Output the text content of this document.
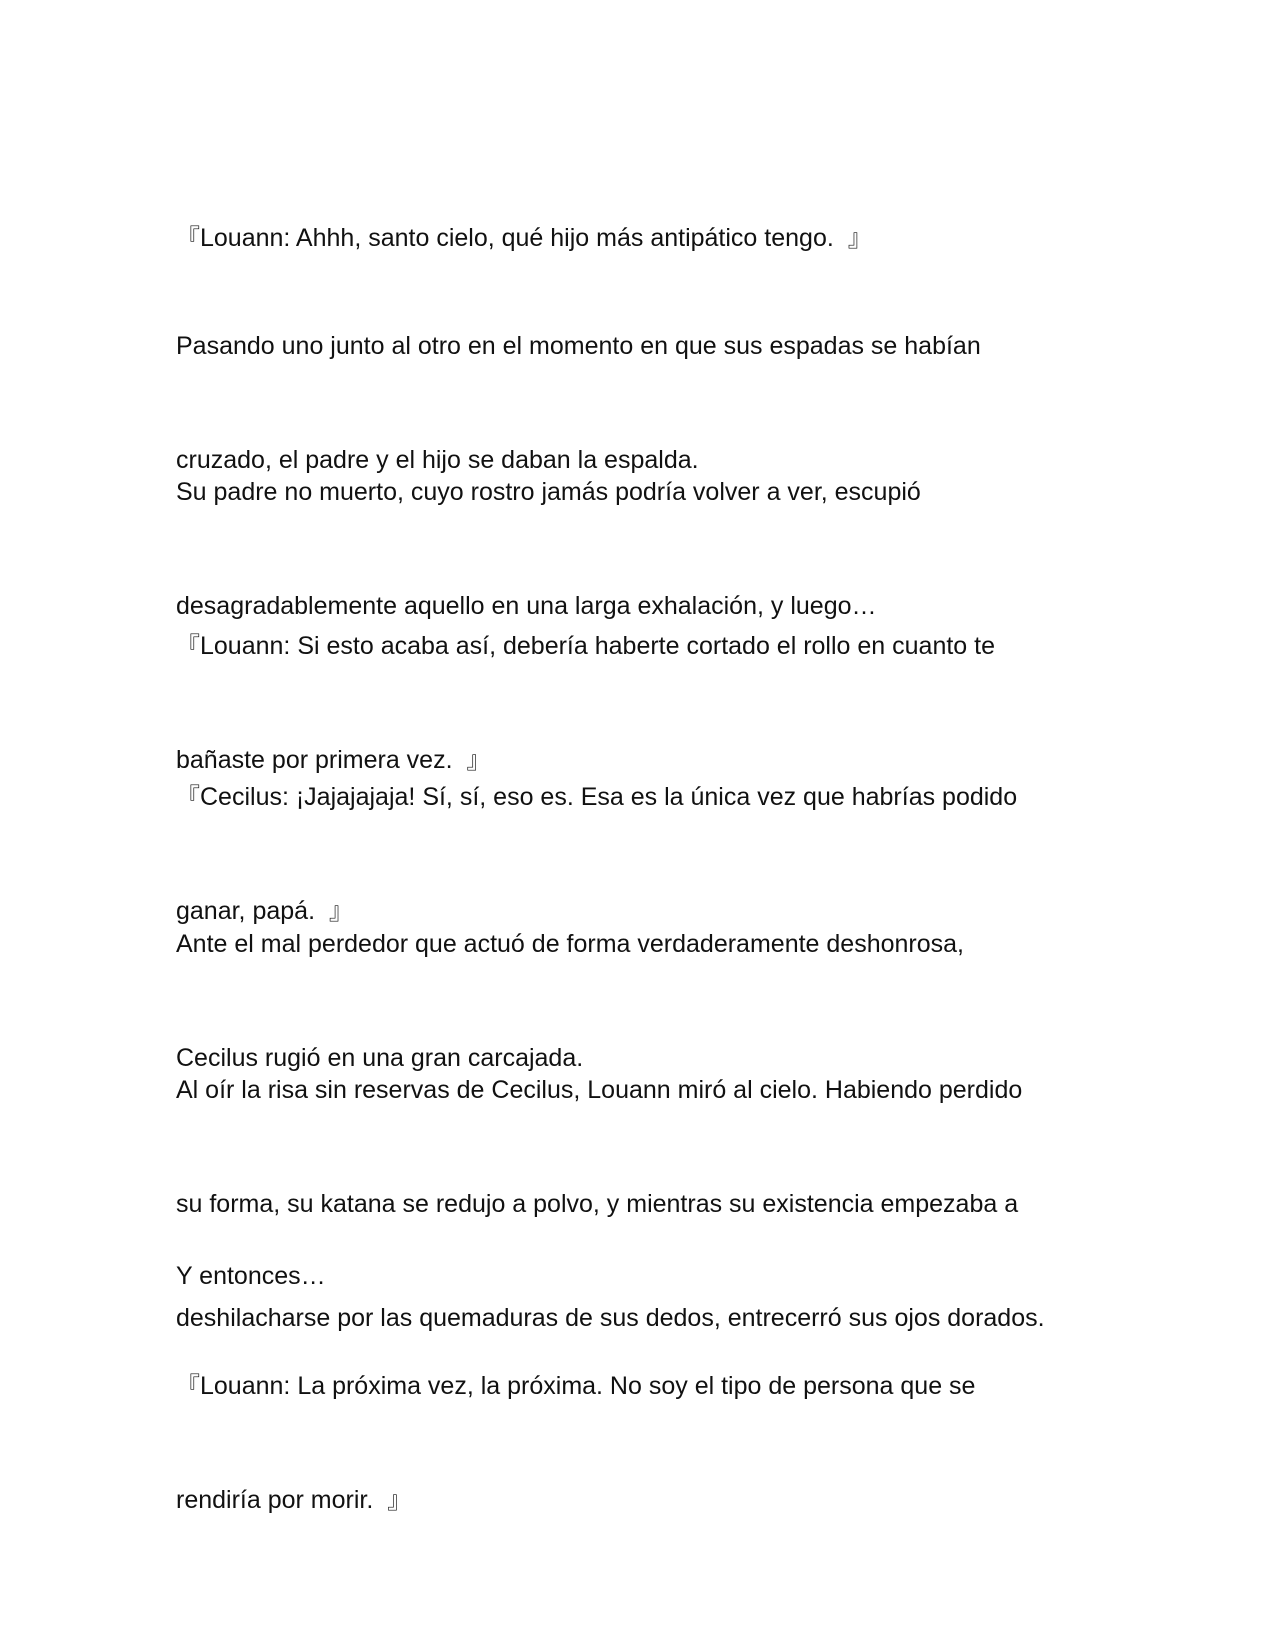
『Louann: Ahhh, santo cielo, qué hijo más antipático tengo. 』

Pasando uno junto al otro en el momento en que sus espadas se habían

cruzado, el padre y el hijo se daban la espalda.

Su padre no muerto, cuyo rostro jamás podría volver a ver, escupió

desagradablemente aquello en una larga exhalación, y luego…

『Louann: Si esto acaba así, debería haberte cortado el rollo en cuanto te

bañaste por primera vez. 』

『Cecilus: ¡Jajajajaja! Sí, sí, eso es. Esa es la única vez que habrías podido

ganar, papá. 』

Ante el mal perdedor que actuó de forma verdaderamente deshonrosa,

Cecilus rugió en una gran carcajada.

Al oír la risa sin reservas de Cecilus, Louann miró al cielo. Habiendo perdido

su forma, su katana se redujo a polvo, y mientras su existencia empezaba a

deshilacharse por las quemaduras de sus dedos, entrecerró sus ojos dorados.

Y entonces…

『Louann: La próxima vez, la próxima. No soy el tipo de persona que se

rendiría por morir. 』
